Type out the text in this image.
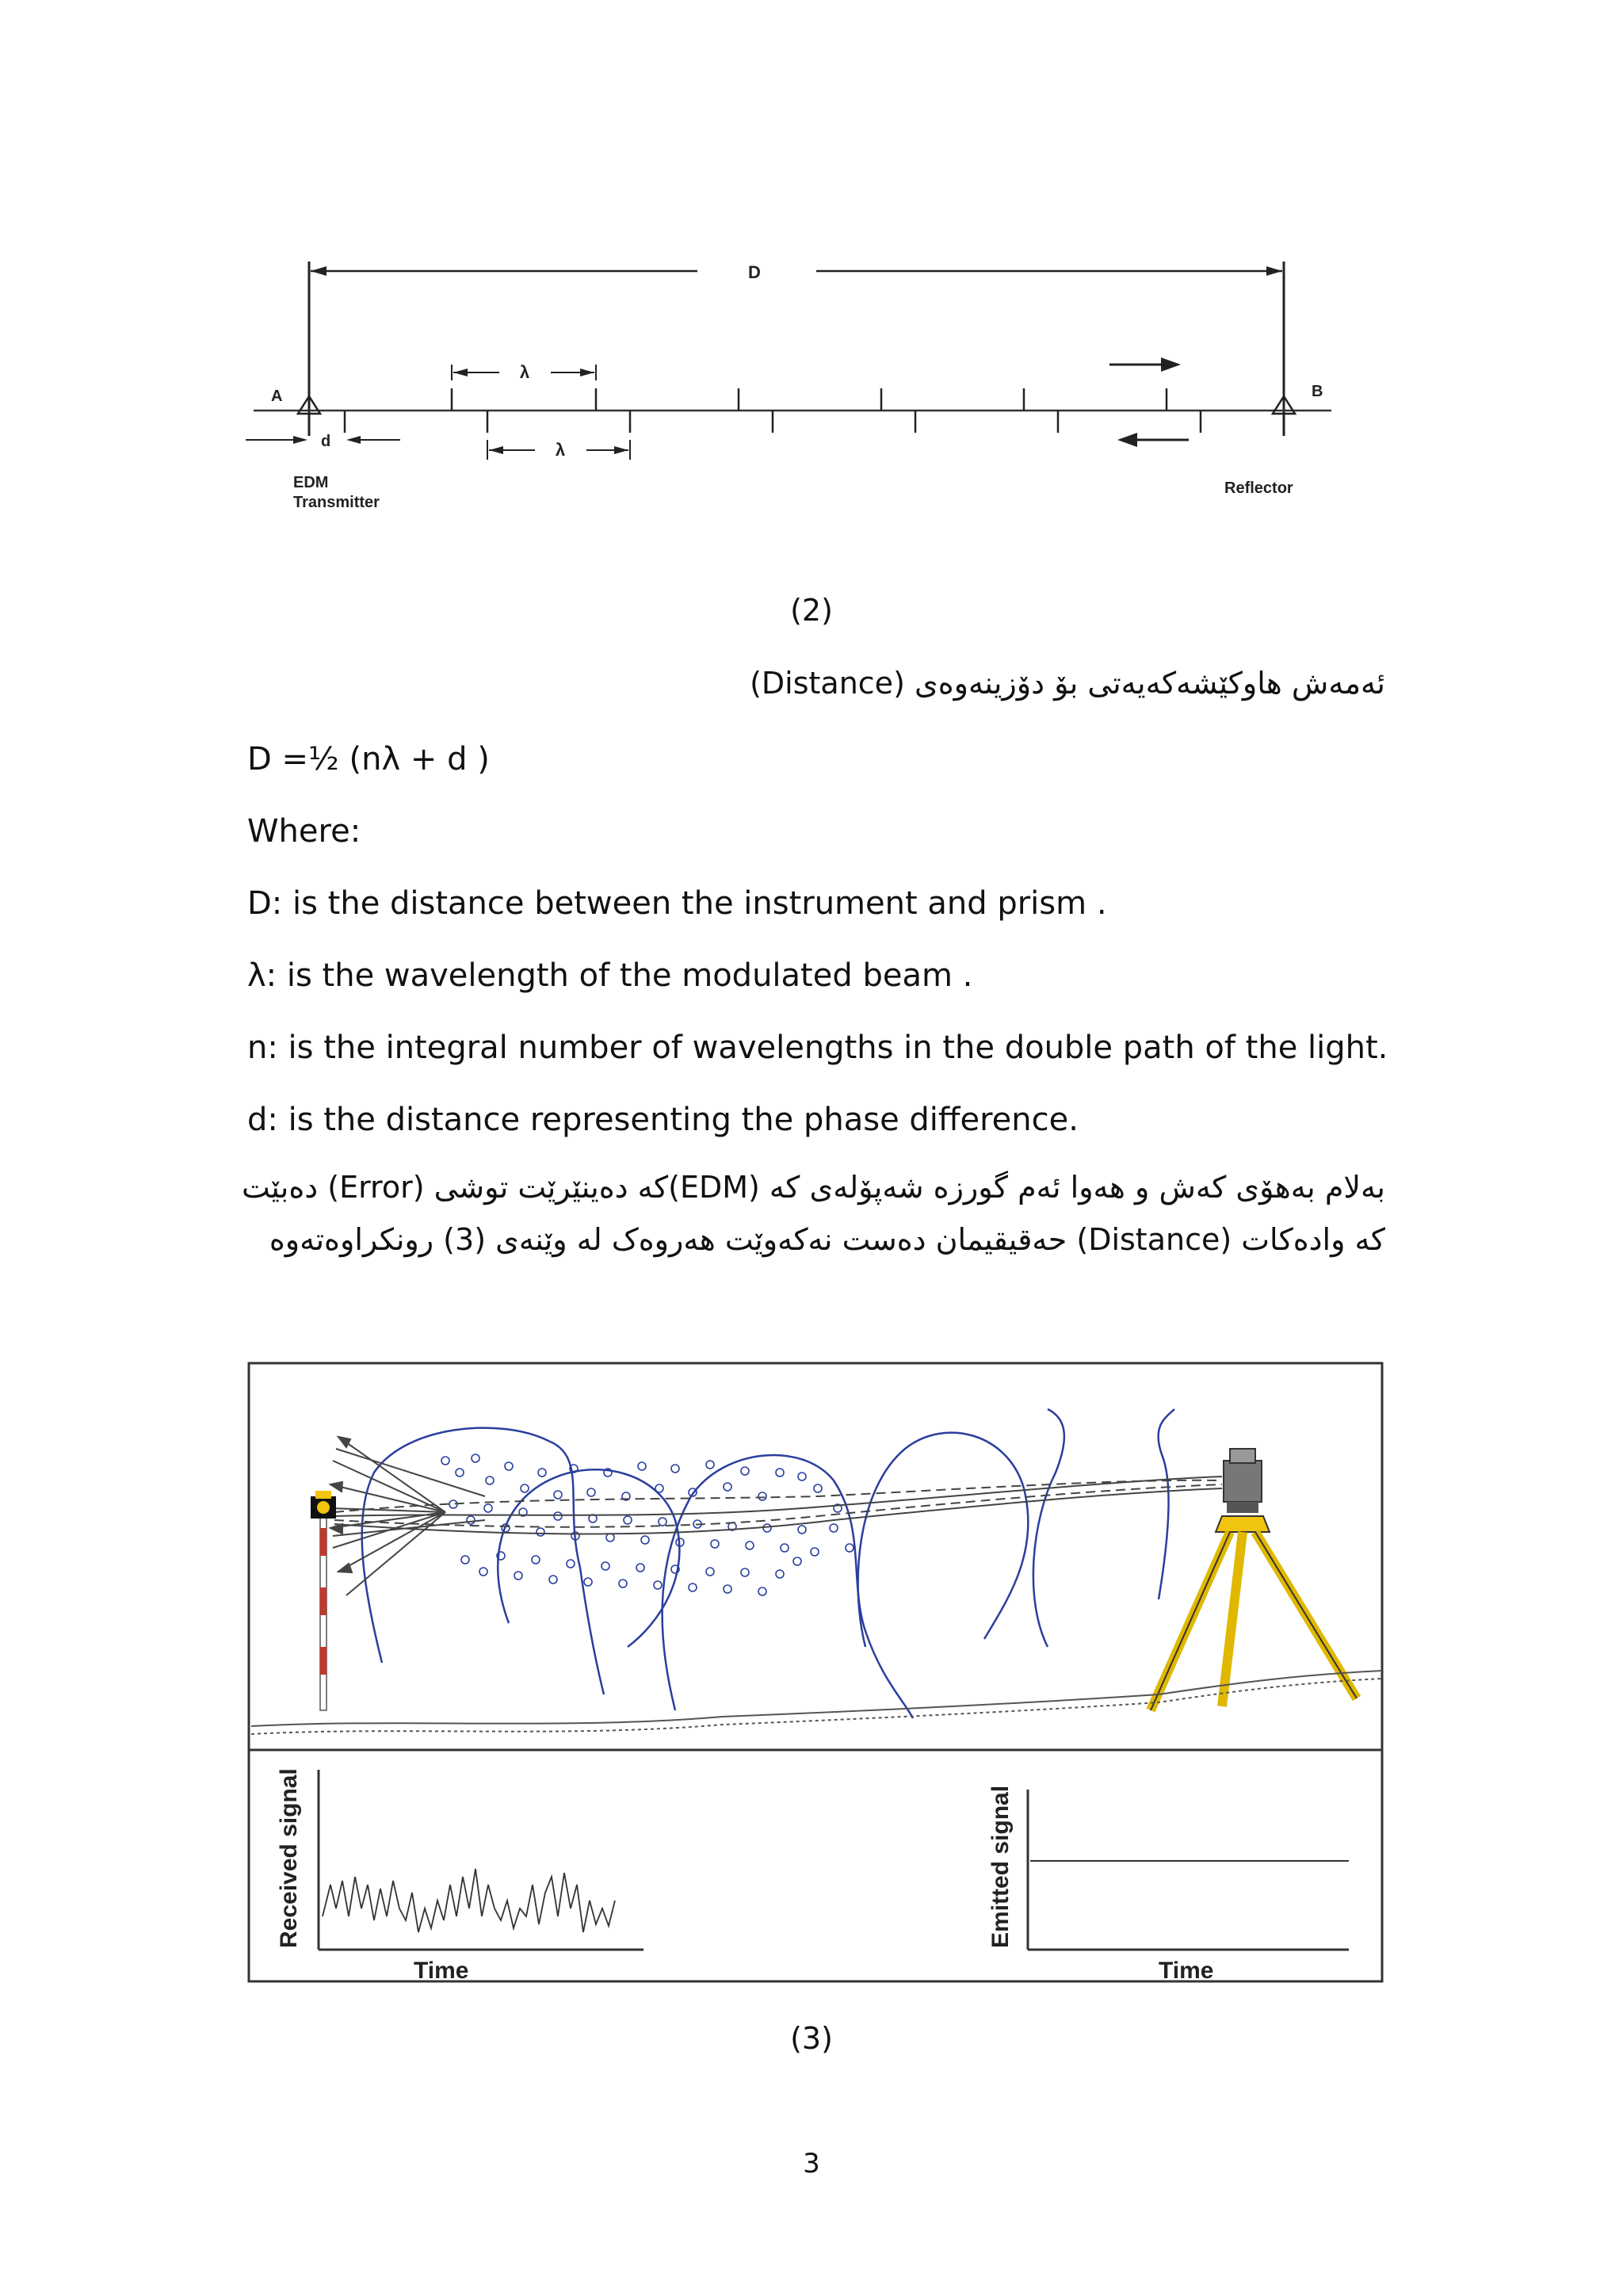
D
λ
λ
A	B
d
EDM
Transmitter
Reflector
(2)
ئەمەش هاوکێشەکەیەتی بۆ دۆزینەوەی (Distance)
D =½ (nλ + d )
Where:
D: is the distance between the instrument and prism .
λ: is the wavelength of the modulated beam .
n: is the integral number of wavelengths in the double path of the light.
d: is the distance representing the phase difference.
بەلام بەهۆی کەش و هەوا ئەم گورزە شەپۆلەی کە (EDM)کە دەینێرێت توشی (Error) دەبێت
کە وادەکات (Distance) حەقیقیمان دەست نەکەوێت هەروەک لە وێنەی (3) رونکراوەتەوە
Received signal
Time
Emitted signal
Time
(3)
3
